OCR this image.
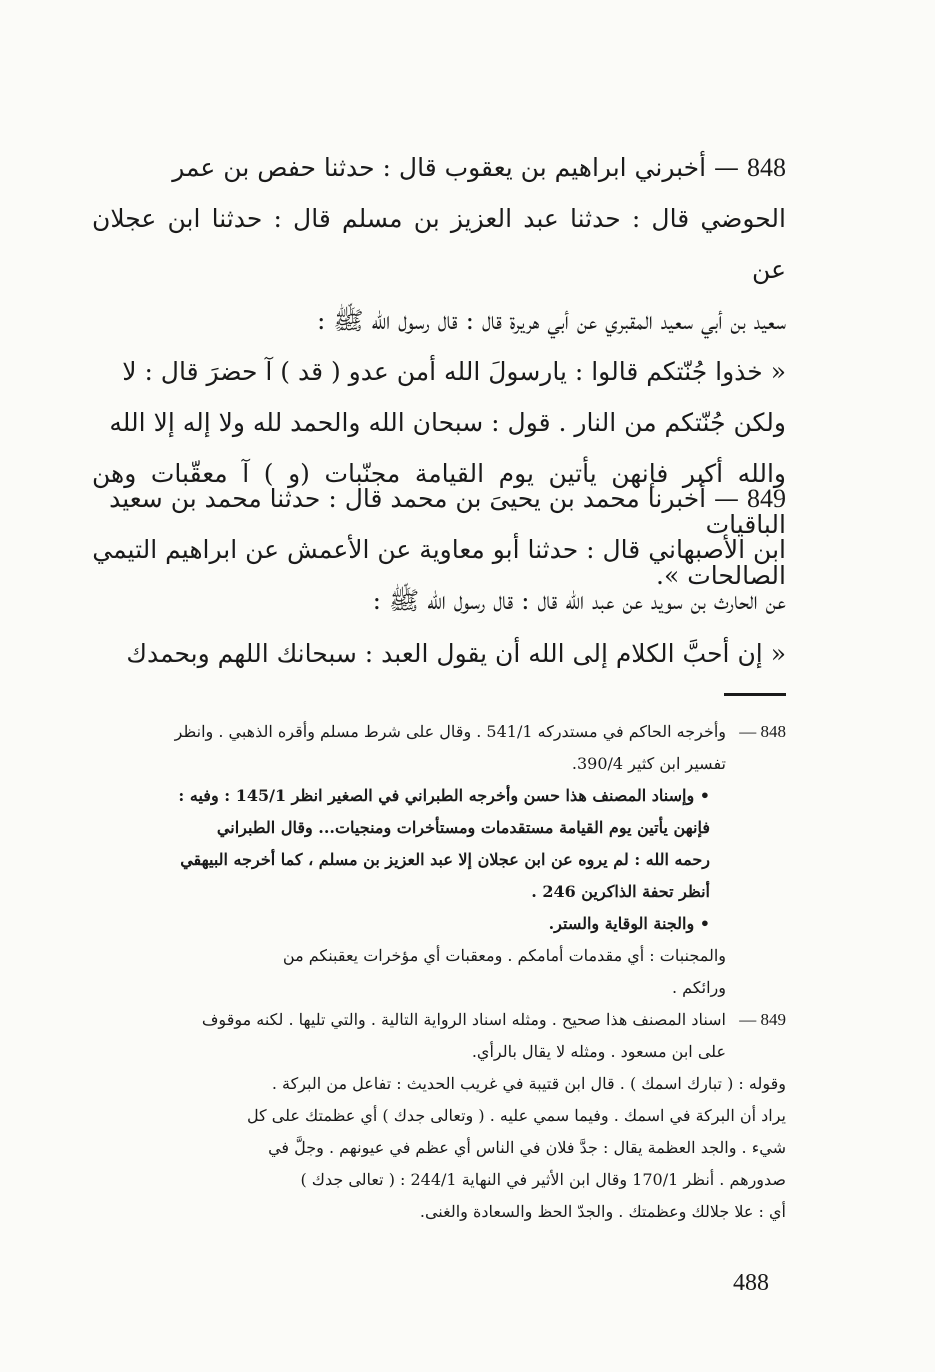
848 — أخبرني ابراهيم بن يعقوب قال : حدثنا حفص بن عمر

الحوضي قال : حدثنا عبد العزيز بن مسلم قال : حدثنا ابن عجلان عن

سعيد بن أبي سعيد المقبري عن أبي هريرة قال : قال رسول الله ﷺ :

« خذوا جُنّتكم قالوا : يارسولَ الله أمن عدو ( قد ) آ حضرَ قال : لا

ولكن جُنّتكم من النار . قول : سبحان الله والحمد لله ولا إله إلا الله

والله أكبر فإنهن يأتين يوم القيامة مجنّبات (و ) آ معقّبات وهن الباقيات

الصالحات ».

849 — أخبرنا محمد بن يحيىَ بن محمد قال : حدثنا محمد بن سعيد

ابن الأصبهاني قال : حدثنا أبو معاوية عن الأعمش عن ابراهيم التيمي

عن الحارث بن سويد عن عبد الله قال : قال رسول الله ﷺ :

« إن أحبَّ الكلام إلى الله أن يقول العبد : سبحانك اللهم وبحمدك
848 —

وأخرجه الحاكم في مستدركه 541/1 . وقال على شرط مسلم وأقره الذهبي . وانظر

تفسير ابن كثير 390/4.

• وإسناد المصنف هذا حسن وأخرجه الطبراني في الصغير انظر 145/1 : وفيه :

فإنهن يأتين يوم القيامة مستقدمات ومستأخرات ومنجيات... وقال الطبراني

رحمه الله : لم يروه عن ابن عجلان إلا عبد العزيز بن مسلم ، كما أخرجه البيهقي

أنظر تحفة الذاكرين 246 .

• والجنة الوقاية والستر.

والمجنبات : أي مقدمات أمامكم . ومعقبات أي مؤخرات يعقبنكم من

ورائكم .

849 —

اسناد المصنف هذا صحيح . ومثله اسناد الرواية التالية . والتي تليها . لكنه موقوف

على ابن مسعود . ومثله لا يقال بالرأي.

وقوله : ( تبارك اسمك ) . قال ابن قتيبة في غريب الحديث : تفاعل من البركة .

يراد أن البركة في اسمك . وفيما سمي عليه . ( وتعالى جدك ) أي عظمتك على كل

شيء . والجد العظمة يقال : جدَّ فلان في الناس أي عظم في عيونهم . وجلَّ في

صدورهم . أنظر 170/1 وقال ابن الأثير في النهاية 244/1 : ( تعالى جدك )

أي : علا جلالك وعظمتك . والجدّ الحظ والسعادة والغنى.

488
